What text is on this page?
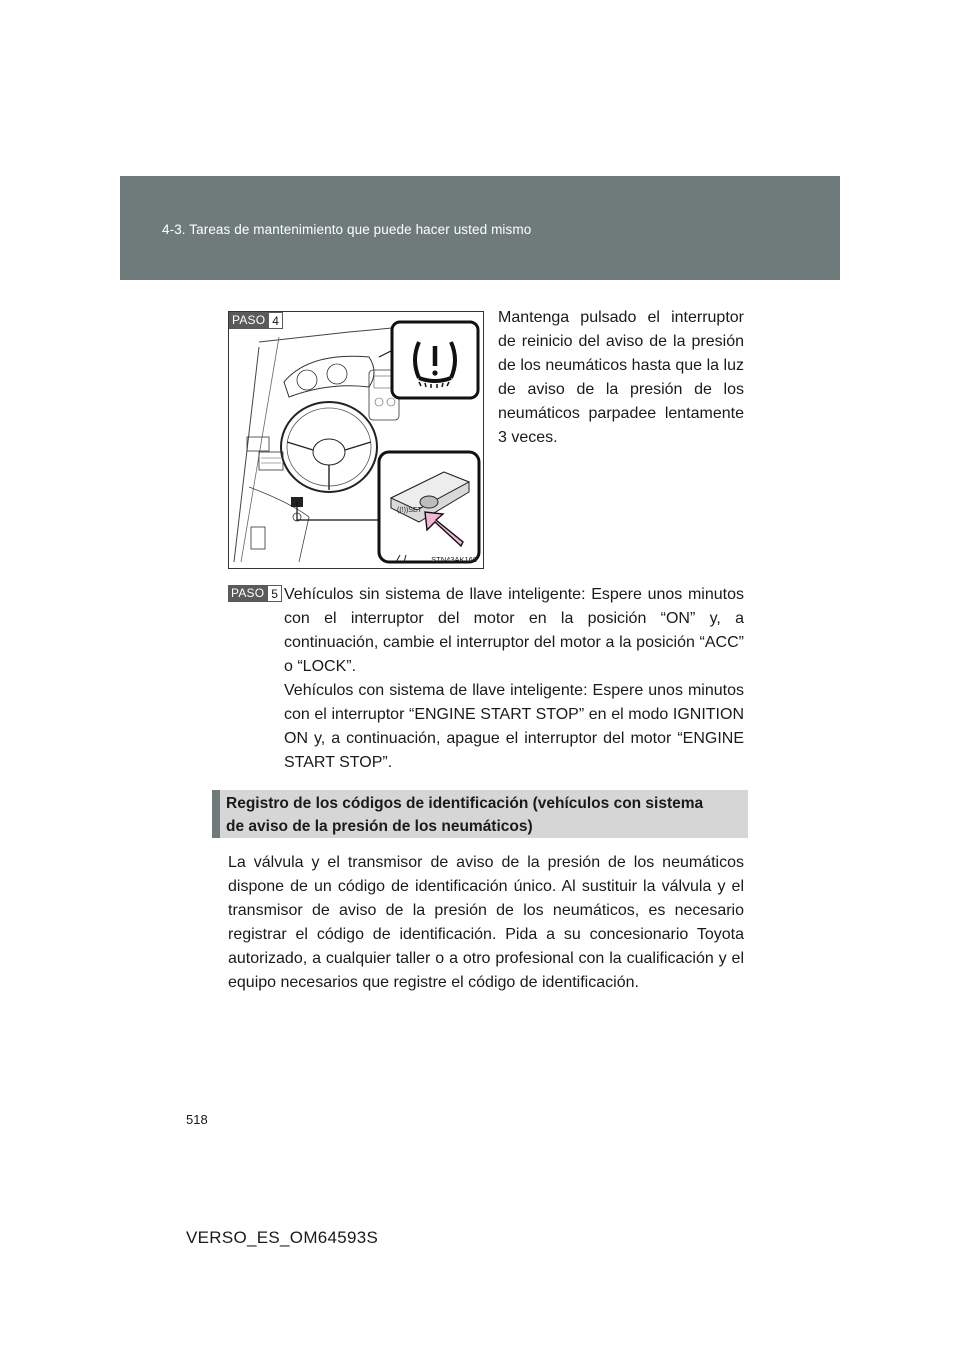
4-3. Tareas de mantenimiento que puede hacer usted mismo
((!))SET
PASO 4
STN43AK168
Mantenga pulsado el interruptor de reinicio del aviso de la presión de los neumáticos hasta que la luz de aviso de la presión de los neumáticos parpadee lentamente 3 veces.
PASO 5 Vehículos sin sistema de llave inteligente: Espere unos minutos con el interruptor del motor en la posición “ON” y, a continuación, cambie el interruptor del motor a la posición “ACC” o “LOCK”.
Vehículos con sistema de llave inteligente: Espere unos minutos con el interruptor “ENGINE START STOP” en el modo IGNITION ON y, a continuación, apague el interruptor del motor “ENGINE START STOP”.
Registro de los códigos de identificación (vehículos con sistema
de aviso de la presión de los neumáticos)
La válvula y el transmisor de aviso de la presión de los neumáticos dispone de un código de identificación único. Al sustituir la válvula y el transmisor de aviso de la presión de los neumáticos, es necesario registrar el código de identificación. Pida a su concesionario Toyota autorizado, a cualquier taller o a otro profesional con la cualificación y el equipo necesarios que registre el código de identificación.
518
VERSO_ES_OM64593S
